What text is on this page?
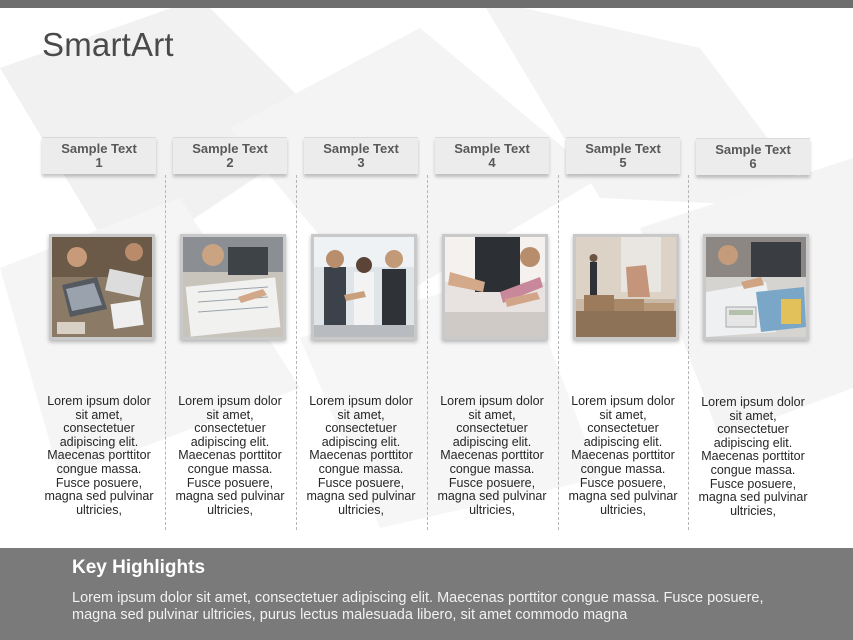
SmartArt
Sample Text
1
Lorem ipsum dolor sit amet, consectetuer adipiscing elit. Maecenas porttitor congue massa. Fusce posuere, magna sed pulvinar ultricies,
Sample Text
2
Lorem ipsum dolor sit amet, consectetuer adipiscing elit. Maecenas porttitor congue massa. Fusce posuere, magna sed pulvinar ultricies,
Sample Text
3
Lorem ipsum dolor sit amet, consectetuer adipiscing elit. Maecenas porttitor congue massa. Fusce posuere, magna sed pulvinar ultricies,
Sample Text
4
Lorem ipsum dolor sit amet, consectetuer adipiscing elit. Maecenas porttitor congue massa. Fusce posuere, magna sed pulvinar ultricies,
Sample Text
5
Lorem ipsum dolor sit amet, consectetuer adipiscing elit. Maecenas porttitor congue massa. Fusce posuere, magna sed pulvinar ultricies,
Sample Text
6
Lorem ipsum dolor sit amet, consectetuer adipiscing elit. Maecenas porttitor congue massa. Fusce posuere, magna sed pulvinar ultricies,
Key Highlights

Lorem ipsum dolor sit amet, consectetuer adipiscing elit. Maecenas porttitor congue massa. Fusce posuere, magna sed pulvinar ultricies, purus lectus malesuada libero, sit amet commodo magna
